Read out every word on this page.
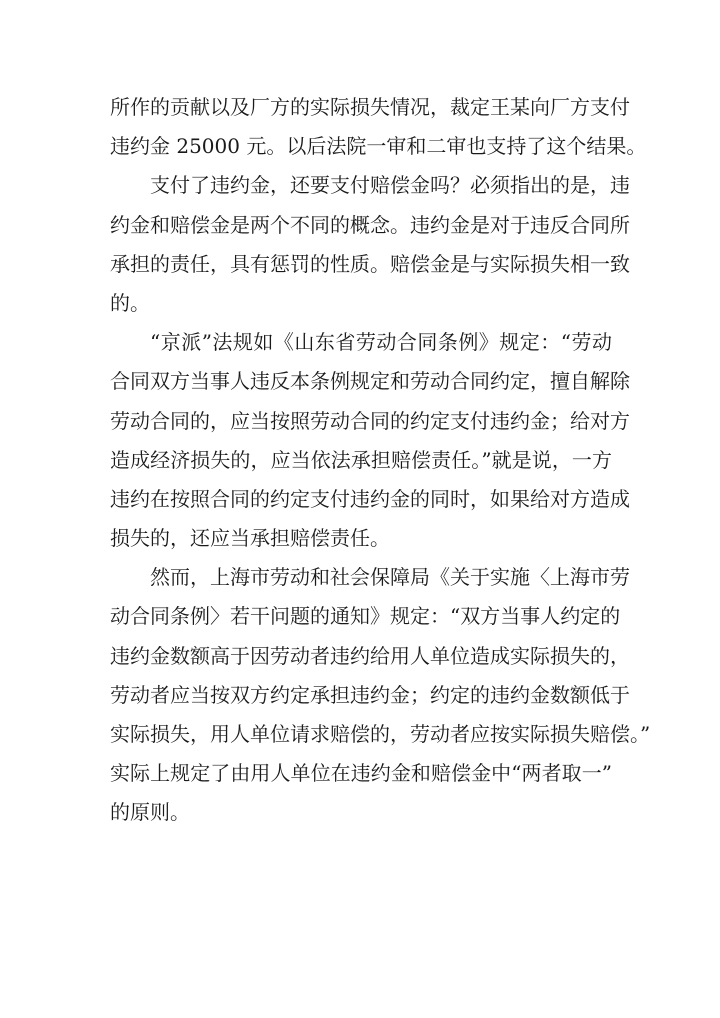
所作的贡献以及厂方的实际损失情况，裁定王某向厂方支付
违约金 25000 元。以后法院一审和二审也支持了这个结果。
支付了违约金，还要支付赔偿金吗？必须指出的是，违
约金和赔偿金是两个不同的概念。违约金是对于违反合同所
承担的责任，具有惩罚的性质。赔偿金是与实际损失相一致
的。
“京派”法规如《山东省劳动合同条例》规定：“劳动
合同双方当事人违反本条例规定和劳动合同约定，擅自解除
劳动合同的，应当按照劳动合同的约定支付违约金；给对方
造成经济损失的，应当依法承担赔偿责任。”就是说，一方
违约在按照合同的约定支付违约金的同时，如果给对方造成
损失的，还应当承担赔偿责任。
然而，上海市劳动和社会保障局《关于实施〈上海市劳
动合同条例〉若干问题的通知》规定：“双方当事人约定的
违约金数额高于因劳动者违约给用人单位造成实际损失的，
劳动者应当按双方约定承担违约金；约定的违约金数额低于
实际损失，用人单位请求赔偿的，劳动者应按实际损失赔偿。”
实际上规定了由用人单位在违约金和赔偿金中“两者取一”
的原则。
